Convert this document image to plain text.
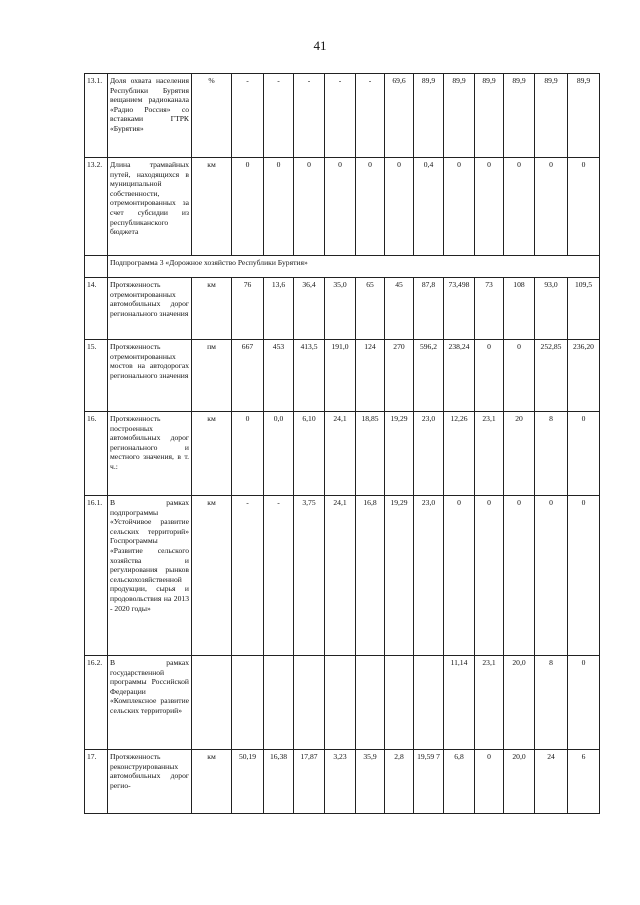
41
13.1.	Доля охвата населения Республики Бурятия вещанием радиоканала «Радио Россия» со вставками ГТРК «Бурятия»	%	-	-	-	-	-	69,6	89,9	89,9	89,9	89,9	89,9	89,9
13.2.	Длина трамвайных путей, находящихся в муниципальной собственности, отремонтированных за счет субсидии из республиканского бюджета	км	0	0	0	0	0	0	0,4	0	0	0	0	0
	Подпрограмма 3 «Дорожное хозяйство Республики Бурятия»													
14.	Протяженность отремонтированных автомобильных дорог регионального значения	км	76	13,6	36,4	35,0	65	45	87,8	73,498	73	108	93,0	109,5
15.	Протяженность отремонтированных мостов на автодорогах регионального значения	пм	667	453	413,5	191,0	124	270	596,2	238,24	0	0	252,85	236,20
16.	Протяженность построенных автомобильных дорог регионального и местного значения, в т. ч.:	км	0	0,0	6,10	24,1	18,85	19,29	23,0	12,26	23,1	20	8	0
16.1.	В рамках подпрограммы «Устойчивое развитие сельских территорий» Госпрограммы «Развитие сельского хозяйства и регулирования рынков сельскохозяйственной продукции, сырья и продовольствия на 2013 - 2020 годы»	км	-	-	3,75	24,1	16,8	19,29	23,0	0	0	0	0	0
16.2.	В рамках государственной программы Российской Федерации «Комплексное развитие сельских территорий»									11,14	23,1	20,0	8	0
17.	Протяженность реконструированных автомобильных дорог регио-	км	50,19	16,38	17,87	3,23	35,9	2,8	19,59 7	6,8	0	20,0	24	6
